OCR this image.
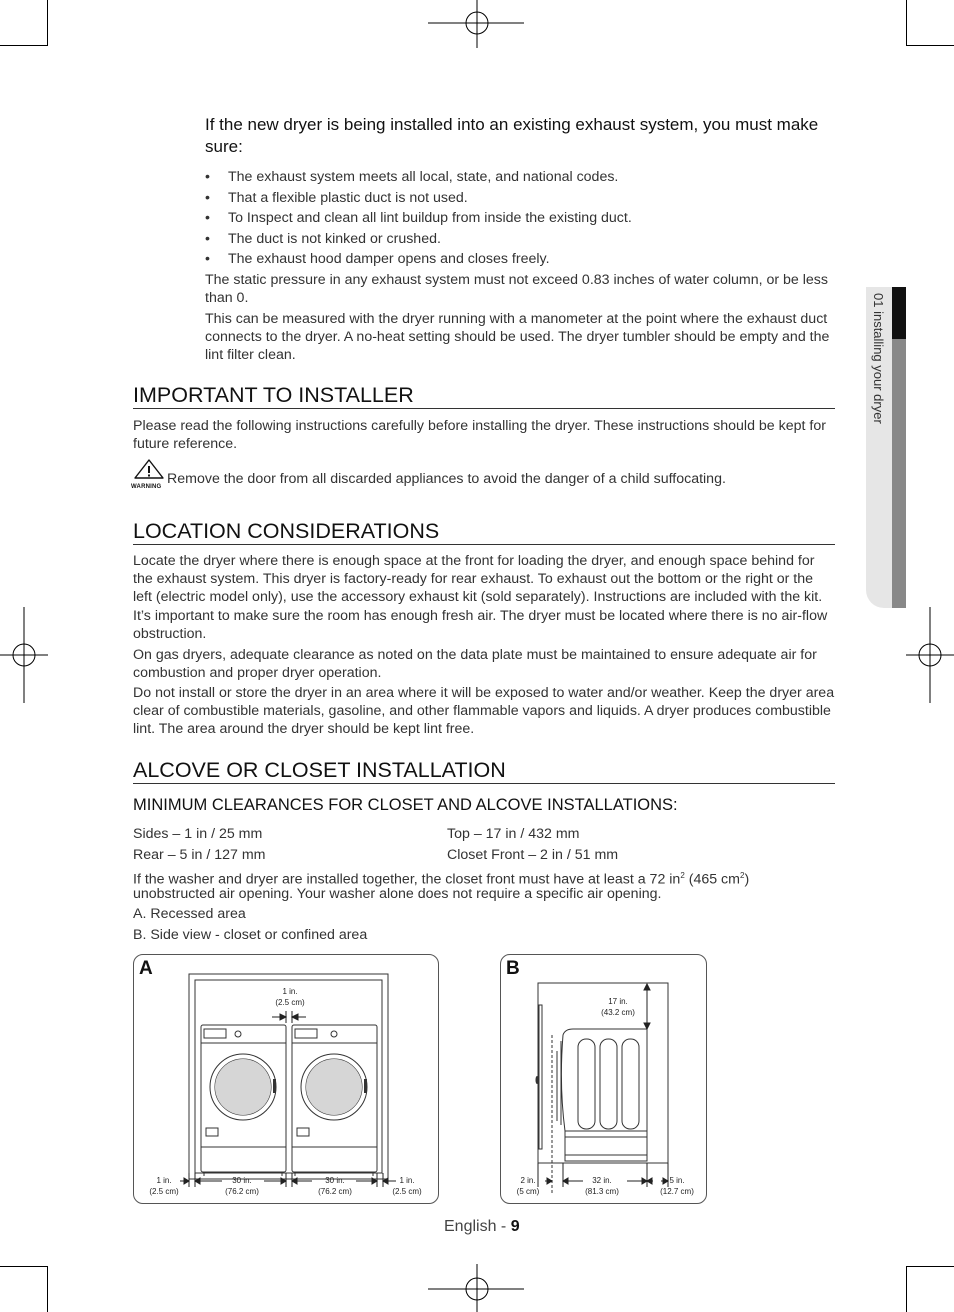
01 installing your dryer
If the new dryer is being installed into an existing exhaust system, you must make sure:
• The exhaust system meets all local, state, and national codes.
• That a flexible plastic duct is not used.
• To Inspect and clean all lint buildup from inside the existing duct.
• The duct is not kinked or crushed.
• The exhaust hood damper opens and closes freely.
The static pressure in any exhaust system must not exceed 0.83 inches of water column, or be less than 0.
This can be measured with the dryer running with a manometer at the point where the exhaust duct connects to the dryer. A no-heat setting should be used. The dryer tumbler should be empty and the lint filter clean.
IMPORTANT TO INSTALLER
Please read the following instructions carefully before installing the dryer. These instructions should be kept for future reference.
WARNING Remove the door from all discarded appliances to avoid the danger of a child suffocating.
LOCATION CONSIDERATIONS
Locate the dryer where there is enough space at the front for loading the dryer, and enough space behind for the exhaust system. This dryer is factory-ready for rear exhaust. To exhaust out the bottom or the right or the left (electric model only), use the accessory exhaust kit (sold separately). Instructions are included with the kit. It’s important to make sure the room has enough fresh air. The dryer must be located where there is no air-flow obstruction.
On gas dryers, adequate clearance as noted on the data plate must be maintained to ensure adequate air for combustion and proper dryer operation.
Do not install or store the dryer in an area where it will be exposed to water and/or weather. Keep the dryer area clear of combustible materials, gasoline, and other flammable vapors and liquids. A dryer produces combustible lint. The area around the dryer should be kept lint free.
ALCOVE OR CLOSET INSTALLATION
MINIMUM CLEARANCES FOR CLOSET AND ALCOVE INSTALLATIONS:
Sides – 1 in / 25 mm	Top – 17 in / 432 mm
Rear – 5 in / 127 mm	Closet Front – 2 in / 51 mm
If the washer and dryer are installed together, the closet front must have at least a 72 $in^2$ (465 $cm^2$)
unobstructed air opening. Your washer alone does not require a specific air opening.
A. Recessed area
B. Side view - closet or confined area
A
1 in.
(2.5 cm)
1 in.
(2.5 cm)
30 in.
(76.2 cm)
30 in.
(76.2 cm)
1 in.
(2.5 cm)
B
17 in.
(43.2 cm)
2 in.
(5 cm)
32 in.
(81.3 cm)
5 in.
(12.7 cm)
English - 9
